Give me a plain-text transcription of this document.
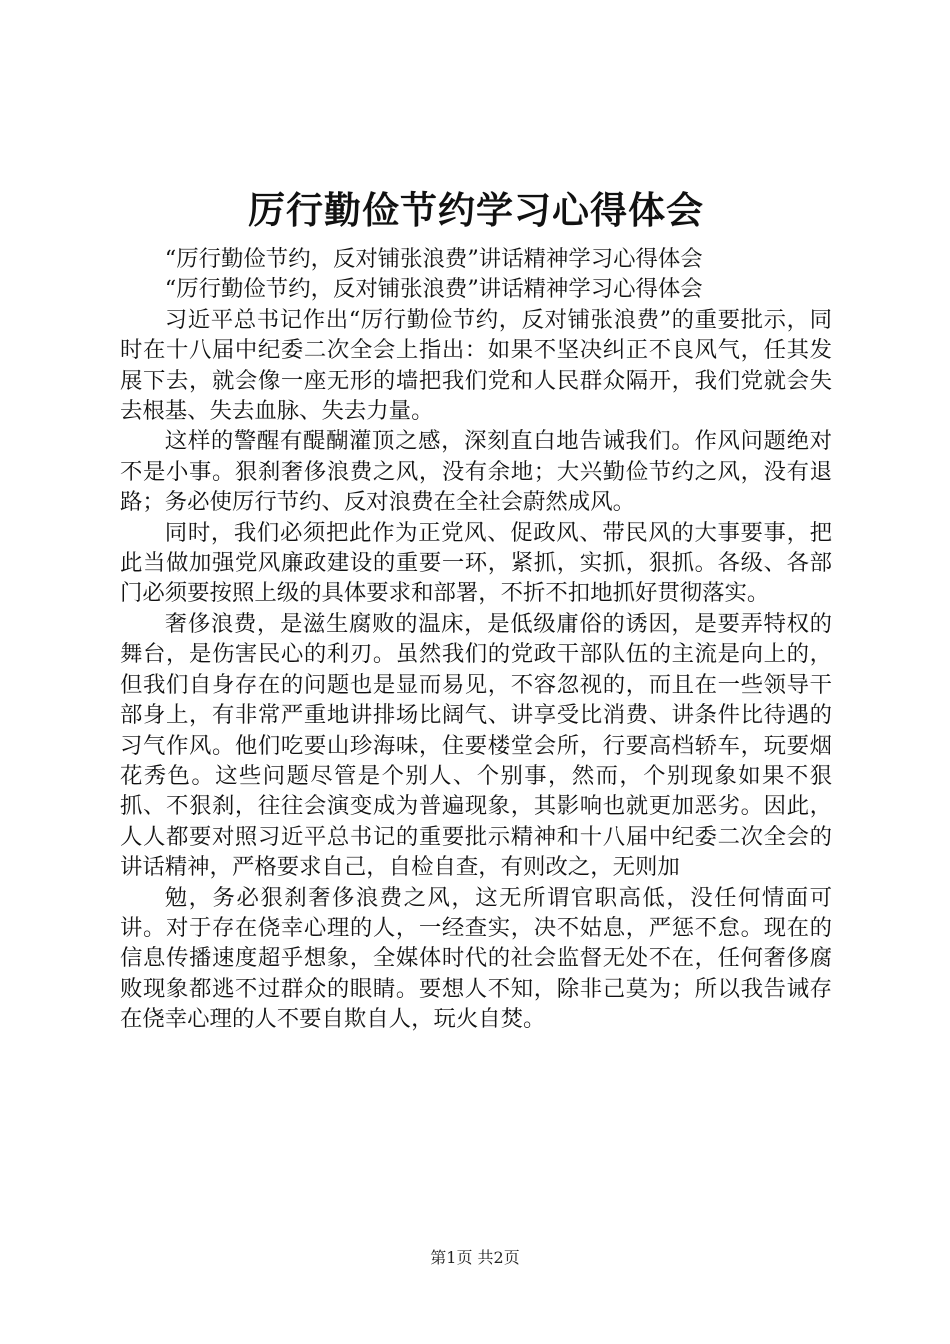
厉行勤俭节约学习心得体会

“厉行勤俭节约，反对铺张浪费”讲话精神学习心得体会

“厉行勤俭节约，反对铺张浪费”讲话精神学习心得体会

习近平总书记作出“厉行勤俭节约，反对铺张浪费”的重要批示，同时在十八届中纪委二次全会上指出：如果不坚决纠正不良风气，任其发展下去，就会像一座无形的墙把我们党和人民群众隔开，我们党就会失去根基、失去血脉、失去力量。

这样的警醒有醍醐灌顶之感，深刻直白地告诫我们。作风问题绝对不是小事。狠刹奢侈浪费之风，没有余地；大兴勤俭节约之风，没有退路；务必使厉行节约、反对浪费在全社会蔚然成风。

同时，我们必须把此作为正党风、促政风、带民风的大事要事，把此当做加强党风廉政建设的重要一环，紧抓，实抓，狠抓。各级、各部门必须要按照上级的具体要求和部署，不折不扣地抓好贯彻落实。

奢侈浪费，是滋生腐败的温床，是低级庸俗的诱因，是要弄特权的舞台，是伤害民心的利刃。虽然我们的党政干部队伍的主流是向上的，但我们自身存在的问题也是显而易见，不容忽视的，而且在一些领导干部身上，有非常严重地讲排场比阔气、讲享受比消费、讲条件比待遇的习气作风。他们吃要山珍海味，住要楼堂会所，行要高档轿车，玩要烟花秀色。这些问题尽管是个别人、个别事，然而，个别现象如果不狠抓、不狠刹，往往会演变成为普遍现象，其影响也就更加恶劣。因此，人人都要对照习近平总书记的重要批示精神和十八届中纪委二次全会的讲话精神，严格要求自己，自检自查，有则改之，无则加

勉，务必狠刹奢侈浪费之风，这无所谓官职高低，没任何情面可讲。对于存在侥幸心理的人，一经查实，决不姑息，严惩不怠。现在的信息传播速度超乎想象，全媒体时代的社会监督无处不在，任何奢侈腐败现象都逃不过群众的眼睛。要想人不知，除非己莫为；所以我告诫存在侥幸心理的人不要自欺自人，玩火自焚。

第1页 共2页
